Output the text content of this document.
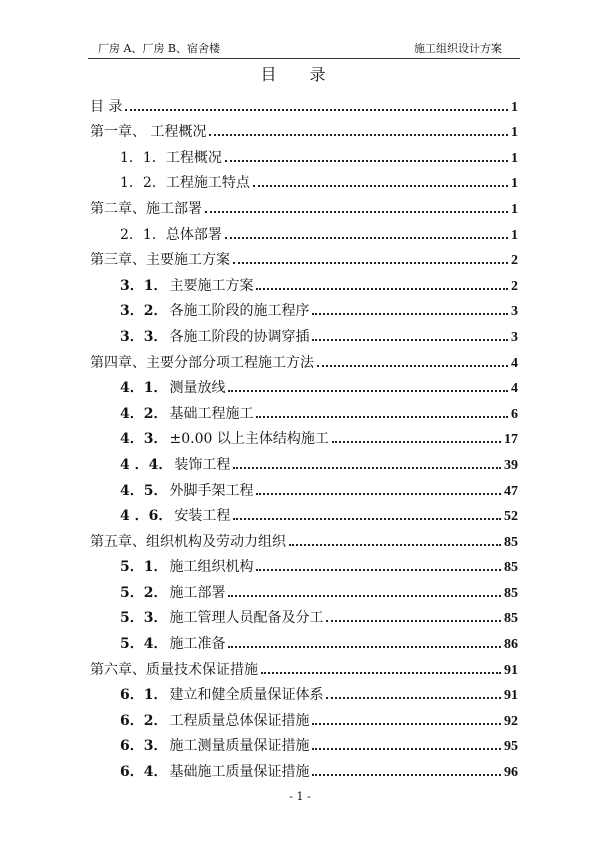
厂房 A、厂房 B、宿舍楼	施工组织设计方案
目 录
目 录	1
第一章、 工程概况	1
1．1．工程概况	1
1．2．工程施工特点	1
第二章、施工部署	1
2．1．总体部署	1
第三章、主要施工方案	2
3．1． 主要施工方案	2
3．2． 各施工阶段的施工程序	3
3．3． 各施工阶段的协调穿插	3
第四章、主要分部分项工程施工方法	4
4．1． 测量放线	4
4．2． 基础工程施工	6
4．3． ±0.00 以上主体结构施工	17
4 ．4． 装饰工程	39
4．5． 外脚手架工程	47
4 ．6． 安装工程	52
第五章、组织机构及劳动力组织	85
5．1． 施工组织机构	85
5．2． 施工部署	85
5．3． 施工管理人员配备及分工	85
5．4． 施工准备	86
第六章、质量技术保证措施	91
6．1． 建立和健全质量保证体系	91
6．2． 工程质量总体保证措施	92
6．3． 施工测量质量保证措施	95
6．4． 基础施工质量保证措施	96
- 1 -
